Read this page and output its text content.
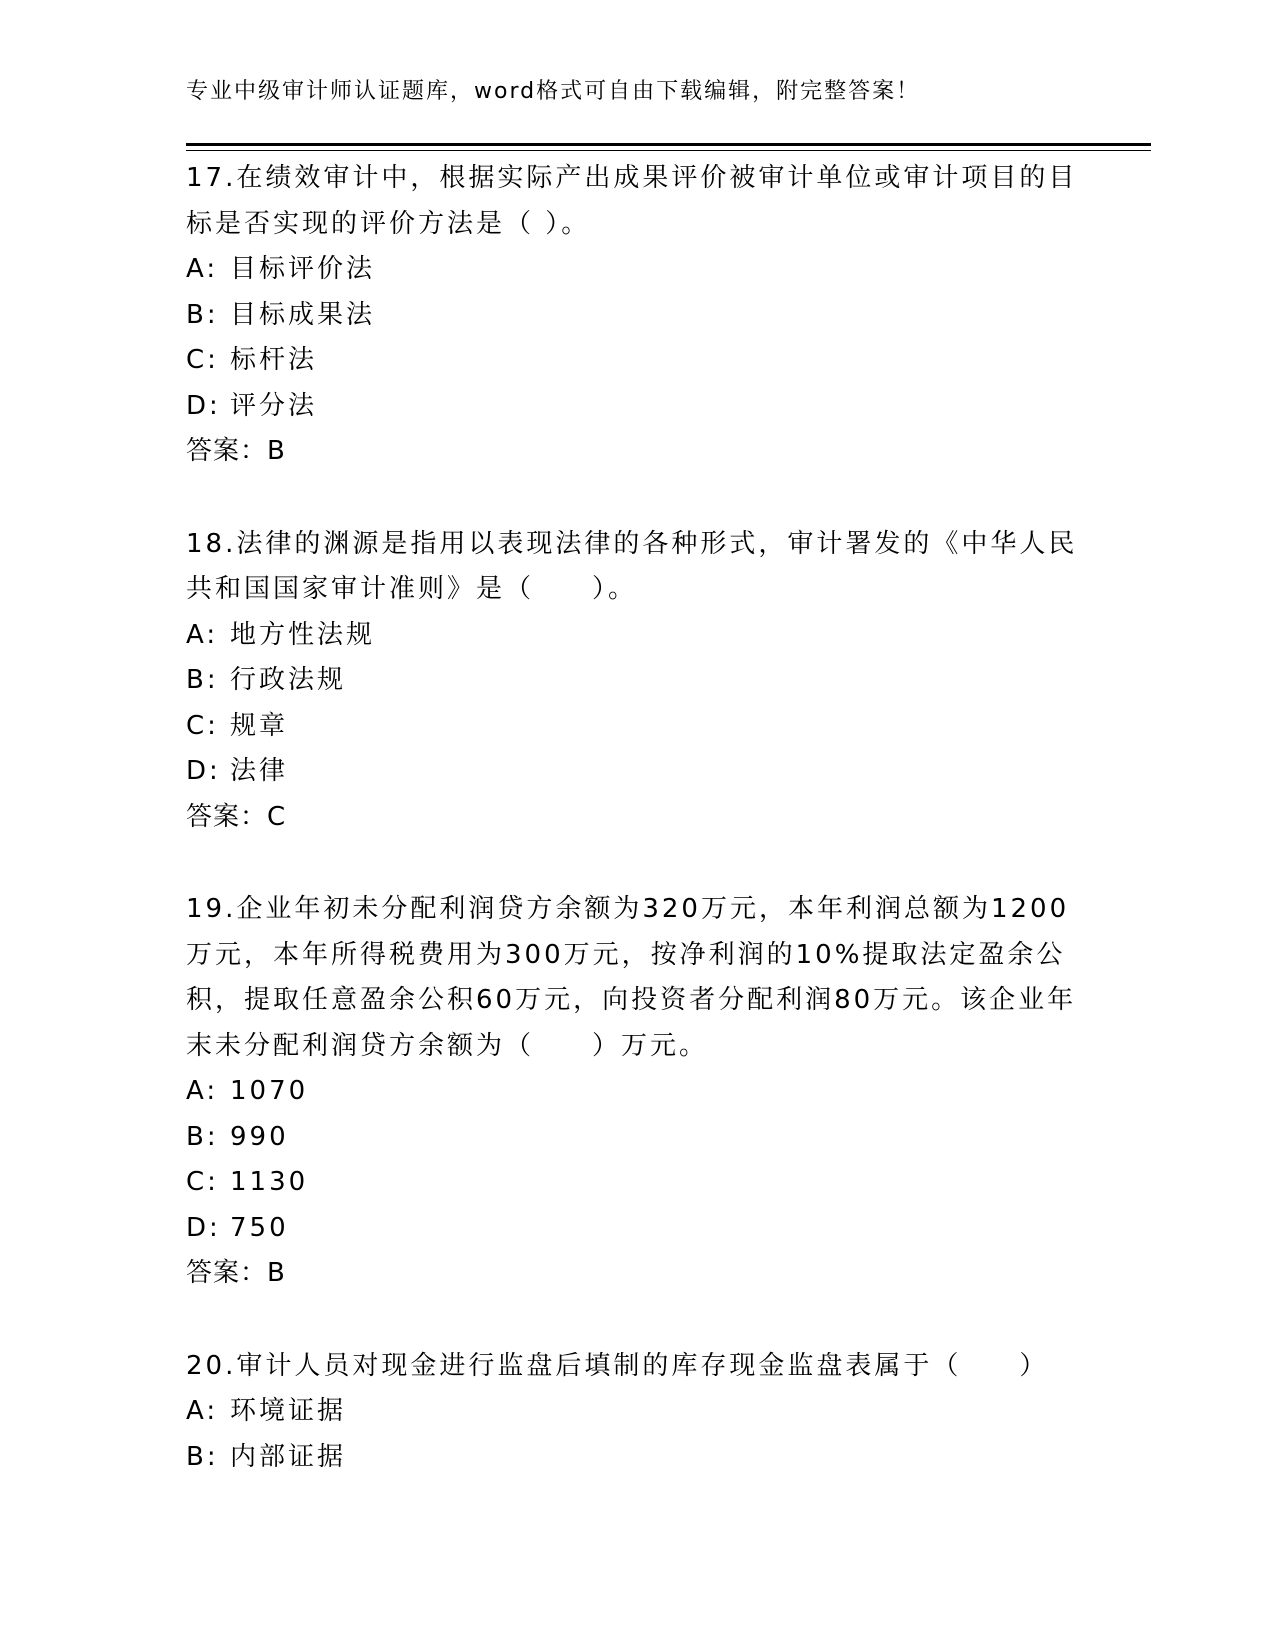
专业中级审计师认证题库，word格式可自由下载编辑，附完整答案！
17.在绩效审计中，根据实际产出成果评价被审计单位或审计项目的目标是否实现的评价方法是（ ）。
A: 目标评价法
B: 目标成果法
C: 标杆法
D: 评分法
答案：B
18.法律的渊源是指用以表现法律的各种形式，审计署发的《中华人民共和国国家审计准则》是（　　）。
A: 地方性法规
B: 行政法规
C: 规章
D: 法律
答案：C
19.企业年初未分配利润贷方余额为320万元，本年利润总额为1200万元，本年所得税费用为300万元，按净利润的10%提取法定盈余公积，提取任意盈余公积60万元，向投资者分配利润80万元。该企业年末未分配利润贷方余额为（　　）万元。
A: 1070
B: 990
C: 1130
D: 750
答案：B
20.审计人员对现金进行监盘后填制的库存现金监盘表属于（　　）
A: 环境证据
B: 内部证据
